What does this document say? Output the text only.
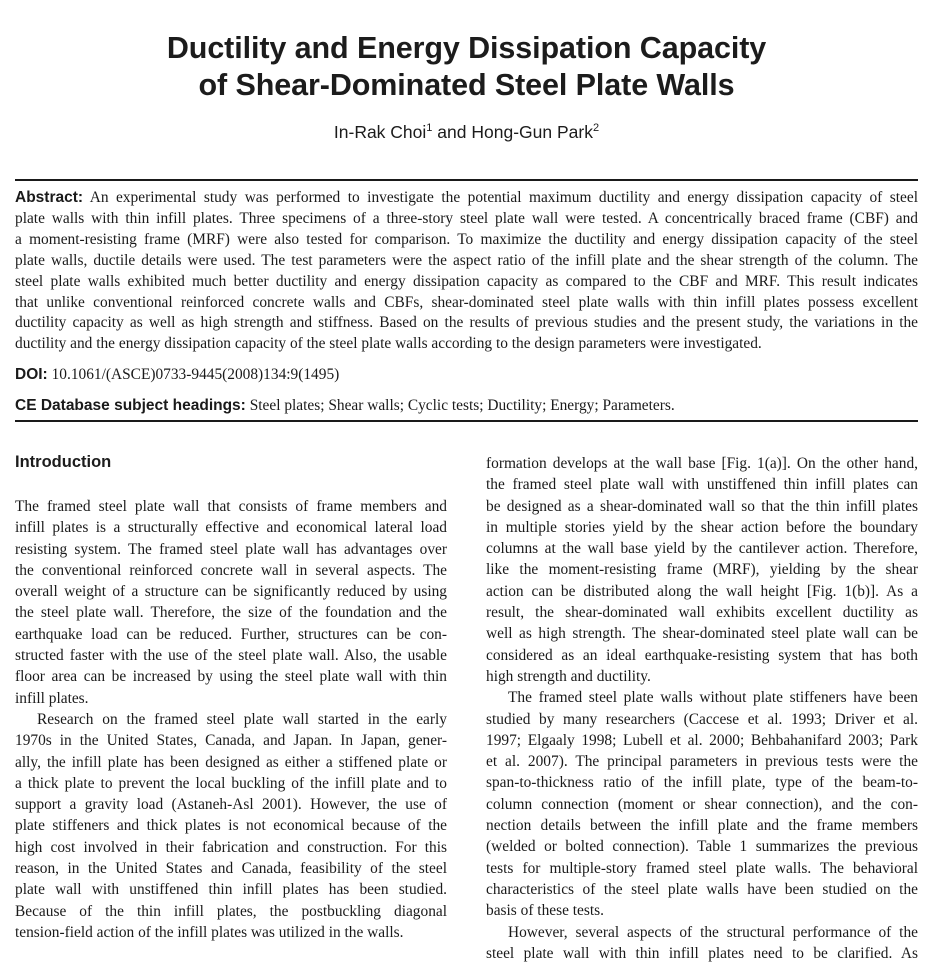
Ductility and Energy Dissipation Capacity
of Shear-Dominated Steel Plate Walls
In-Rak Choi$^1$ and Hong-Gun Park$^2$
Abstract: An experimental study was performed to investigate the potential maximum ductility and energy dissipation capacity of steel
plate walls with thin infill plates. Three specimens of a three-story steel plate wall were tested. A concentrically braced frame (CBF) and
a moment-resisting frame (MRF) were also tested for comparison. To maximize the ductility and energy dissipation capacity of the steel
plate walls, ductile details were used. The test parameters were the aspect ratio of the infill plate and the shear strength of the column. The
steel plate walls exhibited much better ductility and energy dissipation capacity as compared to the CBF and MRF. This result indicates
that unlike conventional reinforced concrete walls and CBFs, shear-dominated steel plate walls with thin infill plates possess excellent
ductility capacity as well as high strength and stiffness. Based on the results of previous studies and the present study, the variations in the
ductility and the energy dissipation capacity of the steel plate walls according to the design parameters were investigated.
DOI: 10.1061/(ASCE)0733-9445(2008)134:9(1495)
CE Database subject headings: Steel plates; Shear walls; Cyclic tests; Ductility; Energy; Parameters.
Introduction

The framed steel plate wall that consists of frame members and
infill plates is a structurally effective and economical lateral load
resisting system. The framed steel plate wall has advantages over
the conventional reinforced concrete wall in several aspects. The
overall weight of a structure can be significantly reduced by using
the steel plate wall. Therefore, the size of the foundation and the
earthquake load can be reduced. Further, structures can be con-
structed faster with the use of the steel plate wall. Also, the usable
floor area can be increased by using the steel plate wall with thin
infill plates.

Research on the framed steel plate wall started in the early
1970s in the United States, Canada, and Japan. In Japan, gener-
ally, the infill plate has been designed as either a stiffened plate or
a thick plate to prevent the local buckling of the infill plate and to
support a gravity load (Astaneh-Asl 2001). However, the use of
plate stiffeners and thick plates is not economical because of the
high cost involved in their fabrication and construction. For this
reason, in the United States and Canada, feasibility of the steel
plate wall with unstiffened thin infill plates has been studied.
Because of the thin infill plates, the postbuckling diagonal
tension-field action of the infill plates was utilized in the walls.

formation develops at the wall base [Fig. 1(a)]. On the other hand,
the framed steel plate wall with unstiffened thin infill plates can
be designed as a shear-dominated wall so that the thin infill plates
in multiple stories yield by the shear action before the boundary
columns at the wall base yield by the cantilever action. Therefore,
like the moment-resisting frame (MRF), yielding by the shear
action can be distributed along the wall height [Fig. 1(b)]. As a
result, the shear-dominated wall exhibits excellent ductility as
well as high strength. The shear-dominated steel plate wall can be
considered as an ideal earthquake-resisting system that has both
high strength and ductility.

The framed steel plate walls without plate stiffeners have been
studied by many researchers (Caccese et al. 1993; Driver et al.
1997; Elgaaly 1998; Lubell et al. 2000; Behbahanifard 2003; Park
et al. 2007). The principal parameters in previous tests were the
span-to-thickness ratio of the infill plate, type of the beam-to-
column connection (moment or shear connection), and the con-
nection details between the infill plate and the frame members
(welded or bolted connection). Table 1 summarizes the previous
tests for multiple-story framed steel plate walls. The behavioral
characteristics of the steel plate walls have been studied on the
basis of these tests.

However, several aspects of the structural performance of the
steel plate wall with thin infill plates need to be clarified. As
